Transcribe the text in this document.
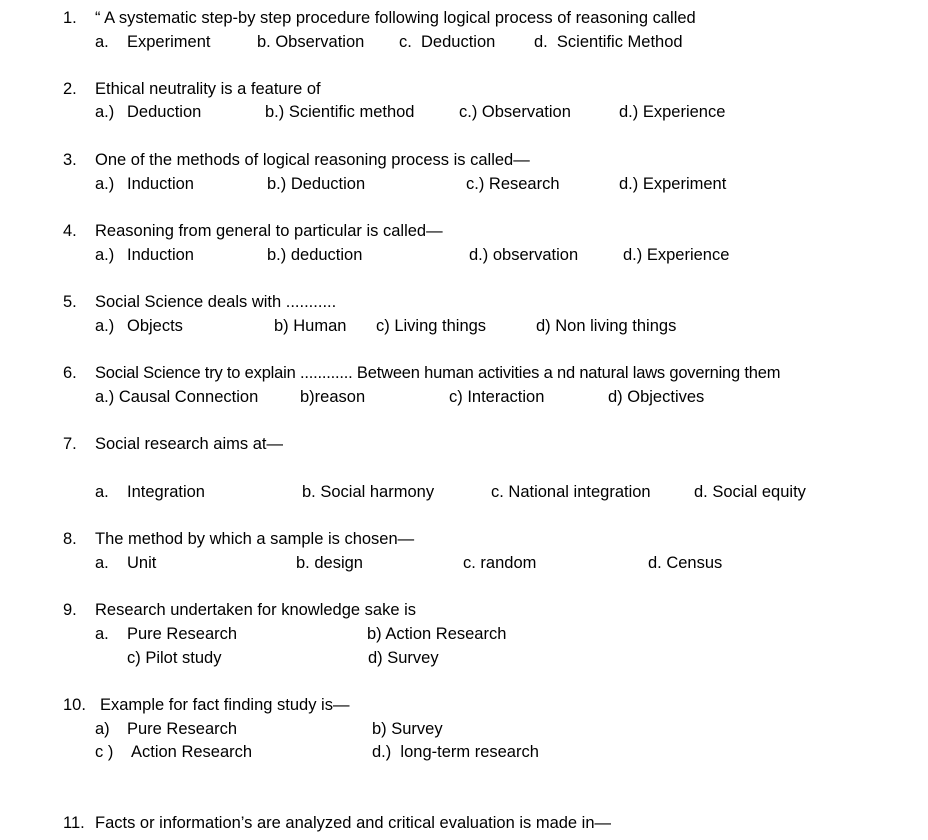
1. “ A systematic step-by step procedure following logical process of reasoning called
a. Experiment	b. Observation c.  Deduction d.  Scientific Method
2. Ethical neutrality is a feature of
a.) Deduction	b.) Scientific method	c.) Observation	d.) Experience
3. One of the methods of logical reasoning process is called—
a.) Induction	b.) Deduction	c.) Research	d.) Experiment
4. Reasoning from general to particular is called—
a.) Induction	b.) deduction	d.) observation	d.) Experience
5. Social Science deals with ...........
a.) Objects	b) Human c) Living things	d) Non living things
6. Social Science try to explain ............ Between human activities a nd natural laws governing them
a.) Causal Connection	b)reason	c) Interaction	d) Objectives
7. Social research aims at—
a. Integration	b. Social harmony	c. National integration	d. Social equity
8. The method by which a sample is chosen—
a. Unit	b. design	c. random	d. Census
9. Research undertaken for knowledge sake is
a. Pure Research	b) Action Research
c) Pilot study	d) Survey
10. Example for fact finding study is—
a) Pure Research	b) Survey
c ) Action Research	d.)  long-term research
11. Facts or information’s are analyzed and critical evaluation is made in—
